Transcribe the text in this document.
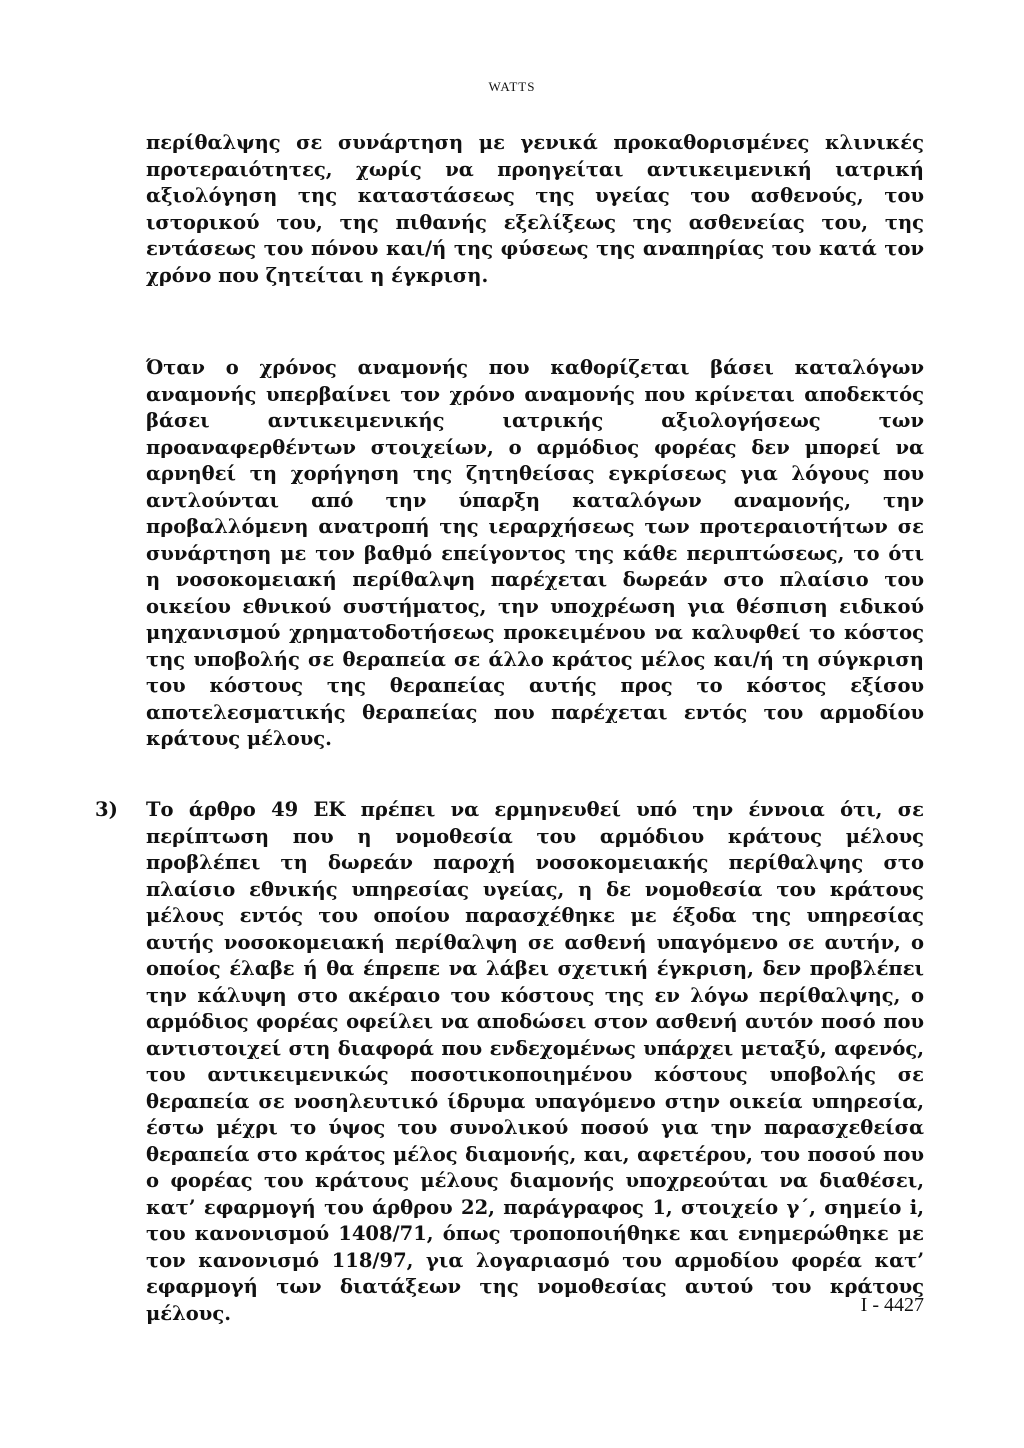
WATTS

περίθαλψης σε συνάρτηση με γενικά προκαθορισμένες κλινικές προτεραιότητες, χωρίς να προηγείται αντικειμενική ιατρική αξιολόγηση της καταστάσεως της υγείας του ασθενούς, του ιστορικού του, της πιθανής εξελίξεως της ασθενείας του, της εντάσεως του πόνου και/ή της φύσεως της αναπηρίας του κατά τον χρόνο που ζητείται η έγκριση.

Όταν ο χρόνος αναμονής που καθορίζεται βάσει καταλόγων αναμονής υπερβαίνει τον χρόνο αναμονής που κρίνεται αποδεκτός βάσει αντικειμενικής ιατρικής αξιολογήσεως των προαναφερθέντων στοιχείων, ο αρμόδιος φορέας δεν μπορεί να αρνηθεί τη χορήγηση της ζητηθείσας εγκρίσεως για λόγους που αντλούνται από την ύπαρξη καταλόγων αναμονής, την προβαλλόμενη ανατροπή της ιεραρχήσεως των προτεραιοτήτων σε συνάρτηση με τον βαθμό επείγοντος της κάθε περιπτώσεως, το ότι η νοσοκομειακή περίθαλψη παρέχεται δωρεάν στο πλαίσιο του οικείου εθνικού συστήματος, την υποχρέωση για θέσπιση ειδικού μηχανισμού χρηματοδοτήσεως προκειμένου να καλυφθεί το κόστος της υποβολής σε θεραπεία σε άλλο κράτος μέλος και/ή τη σύγκριση του κόστους της θεραπείας αυτής προς το κόστος εξίσου αποτελεσματικής θεραπείας που παρέχεται εντός του αρμοδίου κράτους μέλους.

3) Το άρθρο 49 ΕΚ πρέπει να ερμηνευθεί υπό την έννοια ότι, σε περίπτωση που η νομοθεσία του αρμόδιου κράτους μέλους προβλέπει τη δωρεάν παροχή νοσοκομειακής περίθαλψης στο πλαίσιο εθνικής υπηρεσίας υγείας, η δε νομοθεσία του κράτους μέλους εντός του οποίου παρασχέθηκε με έξοδα της υπηρεσίας αυτής νοσοκομειακή περίθαλψη σε ασθενή υπαγόμενο σε αυτήν, ο οποίος έλαβε ή θα έπρεπε να λάβει σχετική έγκριση, δεν προβλέπει την κάλυψη στο ακέραιο του κόστους της εν λόγω περίθαλψης, ο αρμόδιος φορέας οφείλει να αποδώσει στον ασθενή αυτόν ποσό που αντιστοιχεί στη διαφορά που ενδεχομένως υπάρχει μεταξύ, αφενός, του αντικειμενικώς ποσοτικοποιημένου κόστους υποβολής σε θεραπεία σε νοσηλευτικό ίδρυμα υπαγόμενο στην οικεία υπηρεσία, έστω μέχρι το ύψος του συνολικού ποσού για την παρασχεθείσα θεραπεία στο κράτος μέλος διαμονής, και, αφετέρου, του ποσού που ο φορέας του κράτους μέλους διαμονής υποχρεούται να διαθέσει, κατ’ εφαρμογή του άρθρου 22, παράγραφος 1, στοιχείο γ΄, σημείο i, του κανονισμού 1408/71, όπως τροποποιήθηκε και ενημερώθηκε με τον κανονισμό 118/97, για λογαριασμό του αρμοδίου φορέα κατ’ εφαρμογή των διατάξεων της νομοθεσίας αυτού του κράτους μέλους.	I - 4427
